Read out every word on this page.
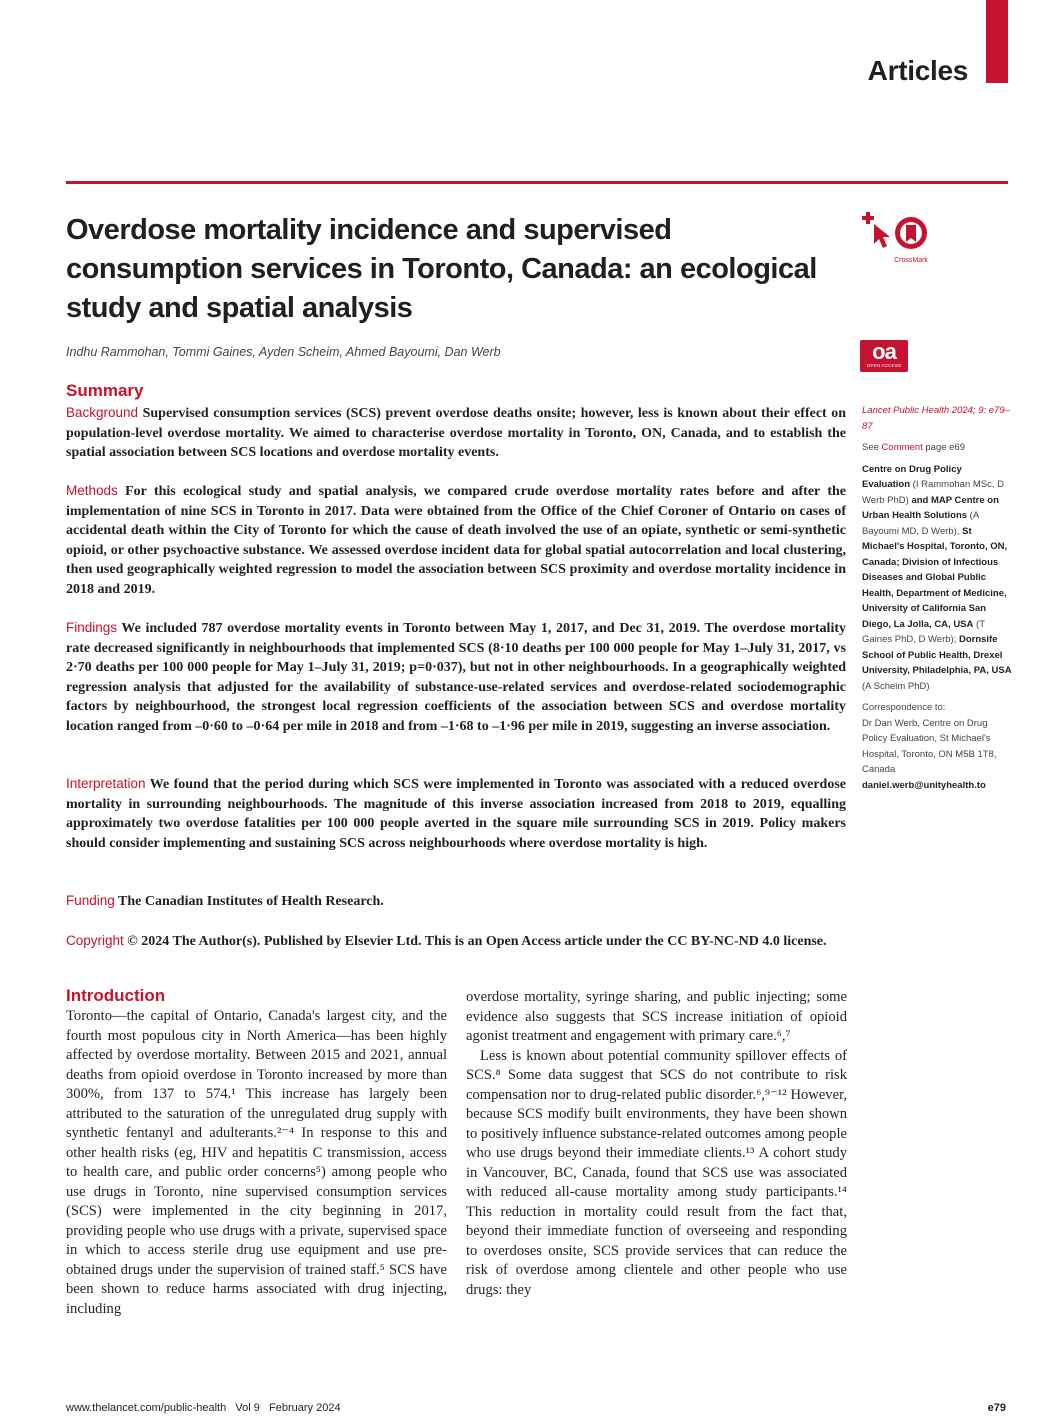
Articles
Overdose mortality incidence and supervised consumption services in Toronto, Canada: an ecological study and spatial analysis
Indhu Rammohan, Tommi Gaines, Ayden Scheim, Ahmed Bayoumi, Dan Werb
CrossMark
oa
OPEN ACCESS
Summary

Background Supervised consumption services (SCS) prevent overdose deaths onsite; however, less is known about their effect on population-level overdose mortality. We aimed to characterise overdose mortality in Toronto, ON, Canada, and to establish the spatial association between SCS locations and overdose mortality events.

Methods For this ecological study and spatial analysis, we compared crude overdose mortality rates before and after the implementation of nine SCS in Toronto in 2017. Data were obtained from the Office of the Chief Coroner of Ontario on cases of accidental death within the City of Toronto for which the cause of death involved the use of an opiate, synthetic or semi-synthetic opioid, or other psychoactive substance. We assessed overdose incident data for global spatial autocorrelation and local clustering, then used geographically weighted regression to model the association between SCS proximity and overdose mortality incidence in 2018 and 2019.

Findings We included 787 overdose mortality events in Toronto between May 1, 2017, and Dec 31, 2019. The overdose mortality rate decreased significantly in neighbourhoods that implemented SCS (8·10 deaths per 100 000 people for May 1–July 31, 2017, vs 2·70 deaths per 100 000 people for May 1–July 31, 2019; p=0·037), but not in other neighbourhoods. In a geographically weighted regression analysis that adjusted for the availability of substance-use-related services and overdose-related sociodemographic factors by neighbourhood, the strongest local regression coefficients of the association between SCS and overdose mortality location ranged from –0·60 to –0·64 per mile in 2018 and from –1·68 to –1·96 per mile in 2019, suggesting an inverse association.

Interpretation We found that the period during which SCS were implemented in Toronto was associated with a reduced overdose mortality in surrounding neighbourhoods. The magnitude of this inverse association increased from 2018 to 2019, equalling approximately two overdose fatalities per 100 000 people averted in the square mile surrounding SCS in 2019. Policy makers should consider implementing and sustaining SCS across neighbourhoods where overdose mortality is high.

Funding The Canadian Institutes of Health Research.

Copyright © 2024 The Author(s). Published by Elsevier Ltd. This is an Open Access article under the CC BY-NC-ND 4.0 license.

Lancet Public Health 2024; 9: e79–87

See Comment page e69

Centre on Drug Policy Evaluation (I Rammohan MSc, D Werb PhD) and MAP Centre on Urban Health Solutions (A Bayoumi MD, D Werb), St Michael's Hospital, Toronto, ON, Canada; Division of Infectious Diseases and Global Public Health, Department of Medicine, University of California San Diego, La Jolla, CA, USA (T Gaines PhD, D Werb); Dornsife School of Public Health, Drexel University, Philadelphia, PA, USA (A Scheim PhD)

Correspondence to:
Dr Dan Werb, Centre on Drug Policy Evaluation, St Michael's Hospital, Toronto, ON M5B 1T8, Canada
daniel.werb@unityhealth.to

Introduction

Toronto—the capital of Ontario, Canada's largest city, and the fourth most populous city in North America—has been highly affected by overdose mortality. Between 2015 and 2021, annual deaths from opioid overdose in Toronto increased by more than 300%, from 137 to 574.¹ This increase has largely been attributed to the saturation of the unregulated drug supply with synthetic fentanyl and adulterants.²⁻⁴ In response to this and other health risks (eg, HIV and hepatitis C transmission, access to health care, and public order concerns⁵) among people who use drugs in Toronto, nine supervised consumption services (SCS) were implemented in the city beginning in 2017, providing people who use drugs with a private, supervised space in which to access sterile drug use equipment and use pre-obtained drugs under the supervision of trained staff.⁵ SCS have been shown to reduce harms associated with drug injecting, including

overdose mortality, syringe sharing, and public injecting; some evidence also suggests that SCS increase initiation of opioid agonist treatment and engagement with primary care.⁶,⁷

Less is known about potential community spillover effects of SCS.⁸ Some data suggest that SCS do not contribute to risk compensation nor to drug-related public disorder.⁶,⁹⁻¹² However, because SCS modify built environments, they have been shown to positively influence substance-related outcomes among people who use drugs beyond their immediate clients.¹³ A cohort study in Vancouver, BC, Canada, found that SCS use was associated with reduced all-cause mortality among study participants.¹⁴ This reduction in mortality could result from the fact that, beyond their immediate function of overseeing and responding to overdoses onsite, SCS provide services that can reduce the risk of overdose among clientele and other people who use drugs: they

www.thelancet.com/public-health Vol 9 February 2024	e79
